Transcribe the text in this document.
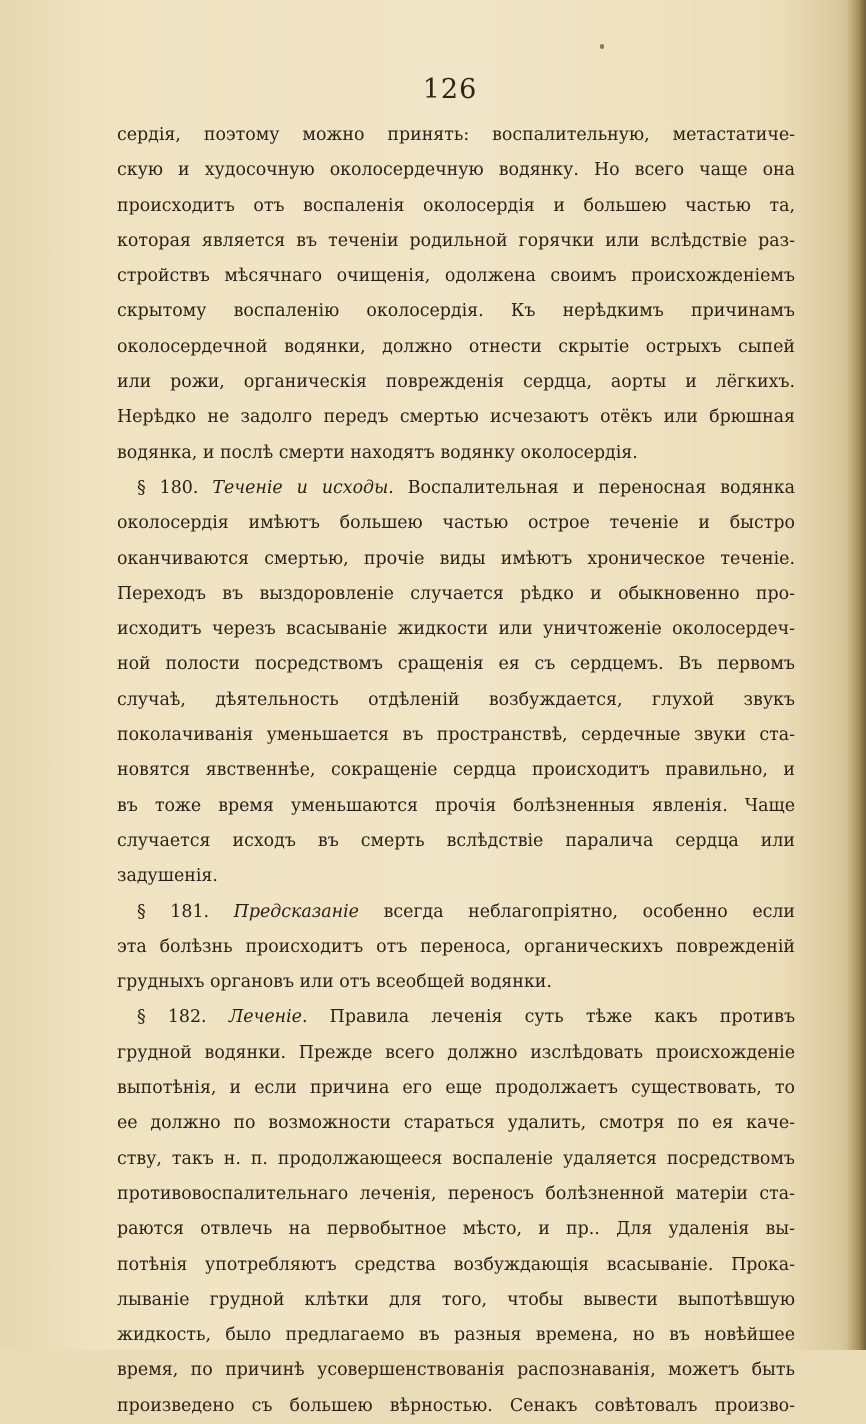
126
сердія, поэтому можно принять: воспалительную, метастатиче-
скую и худосочную околосердечную водянку. Но всего чаще она
происходитъ отъ воспаленія околосердія и большею частью та,
которая является въ теченіи родильной горячки или вслѣдствіе раз-
стройствъ мѣсячнаго очищенія, одолжена своимъ происхожденіемъ
скрытому воспаленію околосердія. Къ нерѣдкимъ причинамъ
околосердечной водянки, должно отнести скрытіе острыхъ сыпей
или рожи, органическія поврежденія сердца, аорты и лёгкихъ.
Нерѣдко не задолго передъ смертью исчезаютъ отёкъ или брюшная
водянка, и послѣ смерти находятъ водянку околосердія.
§ 180. Теченіе и исходы. Воспалительная и переносная водянка
околосердія имѣютъ большею частью острое теченіе и быстро
оканчиваются смертью, прочіе виды имѣютъ хроническое теченіе.
Переходъ въ выздоровленіе случается рѣдко и обыкновенно про-
исходитъ черезъ всасываніе жидкости или уничтоженіе околосердеч-
ной полости посредствомъ сращенія ея съ сердцемъ. Въ первомъ
случаѣ, дѣятельность отдѣленій возбуждается, глухой звукъ
поколачиванія уменьшается въ пространствѣ, сердечные звуки ста-
новятся явственнѣе, сокращеніе сердца происходитъ правильно, и
въ тоже время уменьшаются прочія болѣзненныя явленія. Чаще
случается исходъ въ смерть вслѣдствіе паралича сердца или
задушенія.
§ 181. Предсказаніе всегда неблагопріятно, особенно если
эта болѣзнь происходитъ отъ переноса, органическихъ поврежденій
грудныхъ органовъ или отъ всеобщей водянки.
§ 182. Леченіе. Правила леченія суть тѣже какъ противъ
грудной водянки. Прежде всего должно изслѣдовать происхожденіе
выпотѣнія, и если причина его еще продолжаетъ существовать, то
ее должно по возможности стараться удалить, смотря по ея каче-
ству, такъ н. п. продолжающееся воспаленіе удаляется посредствомъ
противовоспалительнаго леченія, переносъ болѣзненной матеріи ста-
раются отвлечь на первобытное мѣсто, и пр.. Для удаленія вы-
потѣнія употребляютъ средства возбуждающія всасываніе. Прока-
лываніе грудной клѣтки для того, чтобы вывести выпотѣвшую
жидкость, было предлагаемо въ разныя времена, но въ новѣйшее
время, по причинѣ усовершенствованія распознаванія, можетъ быть
произведено съ большею вѣрностью. Сенакъ совѣтовалъ произво-
